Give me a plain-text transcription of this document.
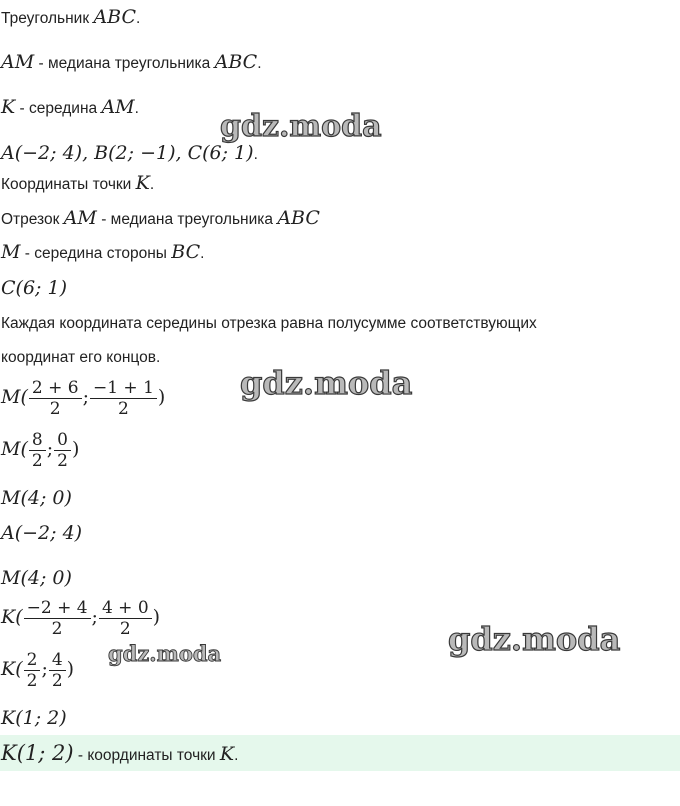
Треугольник ABC.
AM - медиана треугольника ABC.
K - середина AM.
A(−2; 4), B(2; −1), C(6; 1).
Координаты точки K.
Отрезок AM - медиана треугольника ABC
M - середина стороны BC.
C(6; 1)
Каждая координата середины отрезка равна полусумме соответствующих
координат его концов.
$M( \frac{2 + 6}{2}$ ; $\frac{-1 + 1}{2}$ )
$M( \frac{8}{2}$ ; $\frac{0}{2}$ )
M(4; 0)
A(−2; 4)
M(4; 0)
$K( \frac{-2 + 4}{2}$ ; $\frac{4 + 0}{2}$ )
$K( \frac{2}{2}$ ; $\frac{4}{2}$ )
K(1; 2)
K(1; 2) - координаты точки K.
gdz.moda
gdz.moda
gdz.moda
gdz.moda
